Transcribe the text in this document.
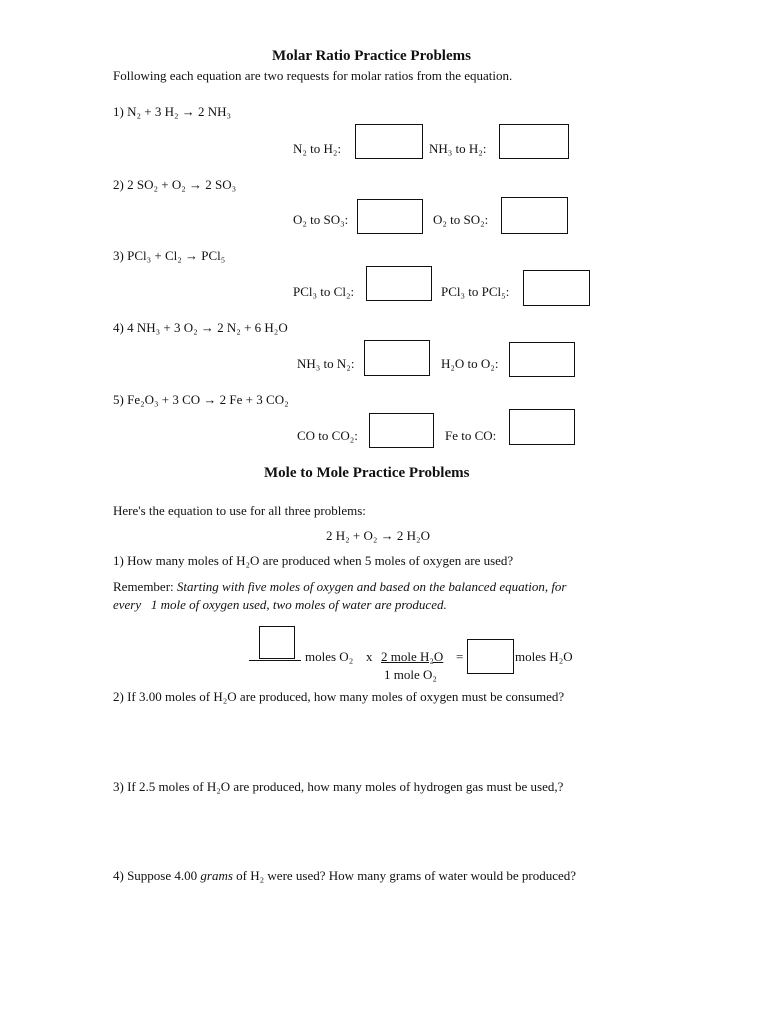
Molar Ratio Practice Problems
Following each equation are two requests for molar ratios from the equation.
1) N₂ + 3 H₂ → 2 NH₃
N₂ to H₂:	NH₃ to H₂:
2) 2 SO₂ + O₂ → 2 SO₃
O₂ to SO₃:	O₂ to SO₂:
3) PCl₃ + Cl₂ → PCl₅
PCl₃ to Cl₂:	PCl₃ to PCl₅:
4) 4 NH₃ + 3 O₂ → 2 N₂ + 6 H₂O
NH₃ to N₂:	H₂O to O₂:
5) Fe₂O₃ + 3 CO → 2 Fe + 3 CO₂
CO to CO₂:	Fe to CO:
Mole to Mole Practice Problems
Here's the equation to use for all three problems:
2 H₂ + O₂ → 2 H₂O
1) How many moles of H₂O are produced when 5 moles of oxygen are used?
Remember: Starting with five moles of oxygen and based on the balanced equation, for
every   1 mole of oxygen used, two moles of water are produced.
moles O₂ x 2 mole H₂O =	moles H₂O
1 mole O₂
2) If 3.00 moles of H₂O are produced, how many moles of oxygen must be consumed?
3) If 2.5 moles of H₂O are produced, how many moles of hydrogen gas must be used,?
4) Suppose 4.00 grams of H₂ were used? How many grams of water would be produced?
